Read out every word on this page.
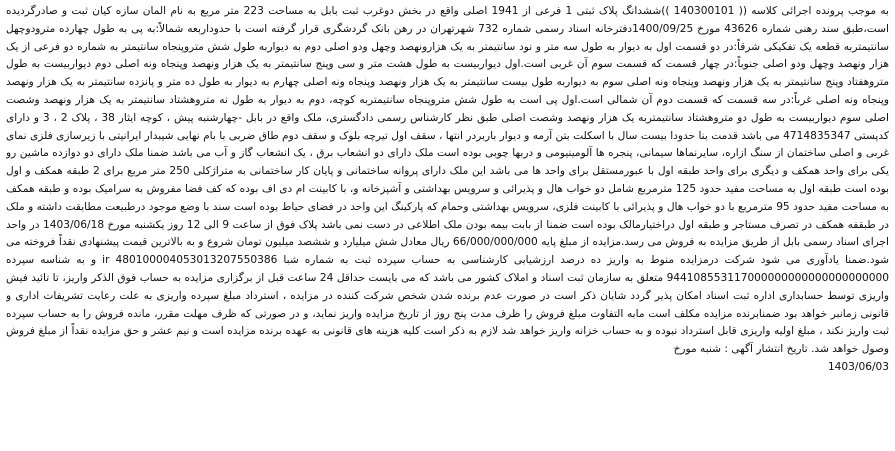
به موجب پرونده اجرائی کلاسه (( 140300101 ))ششدانگ پلاک ثبتی 1 فرعی از 1941 اصلی واقع در بخش دوغرب ثبت بابل به مساحت 223 متر مربع به نام المان سازه کیان ثبت و صادرگردیده است،طبق سند رهنی شماره 43626 مورخ 1400/09/25دفترخانه اسناد رسمی شماره 732 شهرتهران در رهن بانک گردشگری قرار گرفته است با حدوداربعه شمالاً:به پی به طول چهارده مترودوچهل سانتیمتربه قطعه یک تفکیکی شرقاً:در دو قسمت اول به دیوار به طول سه متر و نود سانتیمتر به یک هزارونهصد وچهل ودو اصلی دوم به دیواربه طول شش متروپنجاه سانتیمتر به شماره دو فرعی از یک هزار ونهصد وچهل ودو اصلی جنوباً:در چهار قسمت که قسمت سوم آن غربی است.اول دیواربیست به طول هشت متر و سی وپنج سانتیمتر به یک هزار ونهصد وپنجاه ونه اصلی دوم دیواربیست به طول متروهفتاد وپنج سانتیمتر به یک هزار ونهصد وپنجاه ونه اصلی سوم به دیواربه طول بیست سانتیمتر به یک هزار ونهصد وپنجاه ونه اصلی چهارم به دیوار به طول ده متر و پانزده سانتیمتر به یک هزار ونهصد وپنجاه ونه اصلی غرباً:در سه قسمت که قسمت دوم آن شمالی است.اول پی است به طول شش متروپنجاه سانتیمتربه کوچه، دوم به دیوار به طول نه متروهشتاد سانتیمتر به یک هزار ونهصد وشصت اصلی سوم دیواربیست به طول دو متروهشتاد سانتیمتربه یک هزار ونهصد وشصت اصلی طبق نظر کارشناس رسمی دادگستری، ملک واقع در بابل -چهارشنبه پیش ، کوچه ایثار 38 ، پلاک 2 ، 3 و دارای کدپستی 4714835347 می باشد قدمت بنا حدودا بیست سال با اسکلت بتن آرمه و دیوار باربردر انتها ، سقف اول تیرچه بلوک و سقف دوم طاق ضربی با بام نهایی شیبدار ایرانیتی با زیرسازی فلزی نمای غربی و اصلی ساختمان از سنگ ازاره، سایرنماها سیمانی، پنجره ها آلومینیومی و دربها چوبی بوده است ملک دارای دو انشعاب برق ، یک انشعاب گاز و آب می باشد ضمنا ملک دارای دو دوازده ماشین رو یکی برای واحد همکف و دیگری برای واحد طبقه اول با عبورمستقل برای واحد ها می باشد این ملک دارای پروانه ساختمانی و پایان کار ساختمانی به متراژکلی 250 متر مربع برای 2 طبقه همکف و اول بوده است طبقه اول به مساحت مفید حدود 125 مترمربع شامل دو خواب هال و پذیرائی و سرویس بهداشتی و آشپزخانه و، با کابینت ام دی اف بوده که کف فضا مفروش به سرامیک بوده و طبقه همکف به مساحت مفید حدود 95 مترمربع با دو خواب هال و پذیرائی با کابینت فلزی، سرویس بهداشتی وحمام که پارکینگ این واحد در فضای حیاط بوده است سند با وضع موجود درطبیعت مطابقت داشته و ملک در طبقفه همکف در تصرف مستاجر و طبقه اول دراختیارمالک بوده است ضمنا از بابت بیمه بودن ملک اطلاعی در دست نمی باشد پلاک فوق از ساعت 9 الی 12 روز یکشنبه مورخ 1403/06/18 در واحد اجرای اسناد رسمی بابل از طریق مزایده به فروش می رسد.مزایده از مبلغ پایه 66/000/000/000 ریال معادل شش میلیارد و ششصد میلیون تومان شروع و به بالاترین قیمت پیشنهادی نقداً فروخته می شود.ضمنا یادآوری می شود شرکت درمزایده منوط به واریز ده درصد ارزشیابی کارشناسی به حساب سپرده ثبت به شماره شبا ir 480100004053013207550386 و به شناسه سپرده 944108553117000000000000000000000 متعلق به سازمان ثبت اسناد و املاک کشور می باشد که می بایست حداقل 24 ساعت قبل از برگزاری مزایده به حساب فوق الذکر واریز، تا تائید فیش واریزی توسط حسابداری اداره ثبت اسناد امکان پذیر گردد شایان ذکر است در صورت عدم برنده شدن شخص شرکت کننده در مزایده ، استرداد مبلغ سپرده واریزی به علت رعایت تشریفات اداری و قانونی زمانبر خواهد بود ضمنابرنده مزایده مکلف است مابه التفاوت مبلغ فروش را ظرف مدت پنج روز از تاریخ مزایده واریز نماید، و در صورتی که ظرف مهلت مقرر، مانده فروش را به حساب سپرده ثبت واریز نکند ، مبلغ اولیه واریزی قابل استرداد نبوده و به حساب خزانه واریز خواهد شد لازم به ذکر است کلیه هزینه های قانونی به عهده برنده مزایده است و نیم عشر و حق مزایده نقداً از مبلغ فروش وصول خواهد شد. تاریخ انتشار آگهی : شنبه مورخ

1403/06/03
